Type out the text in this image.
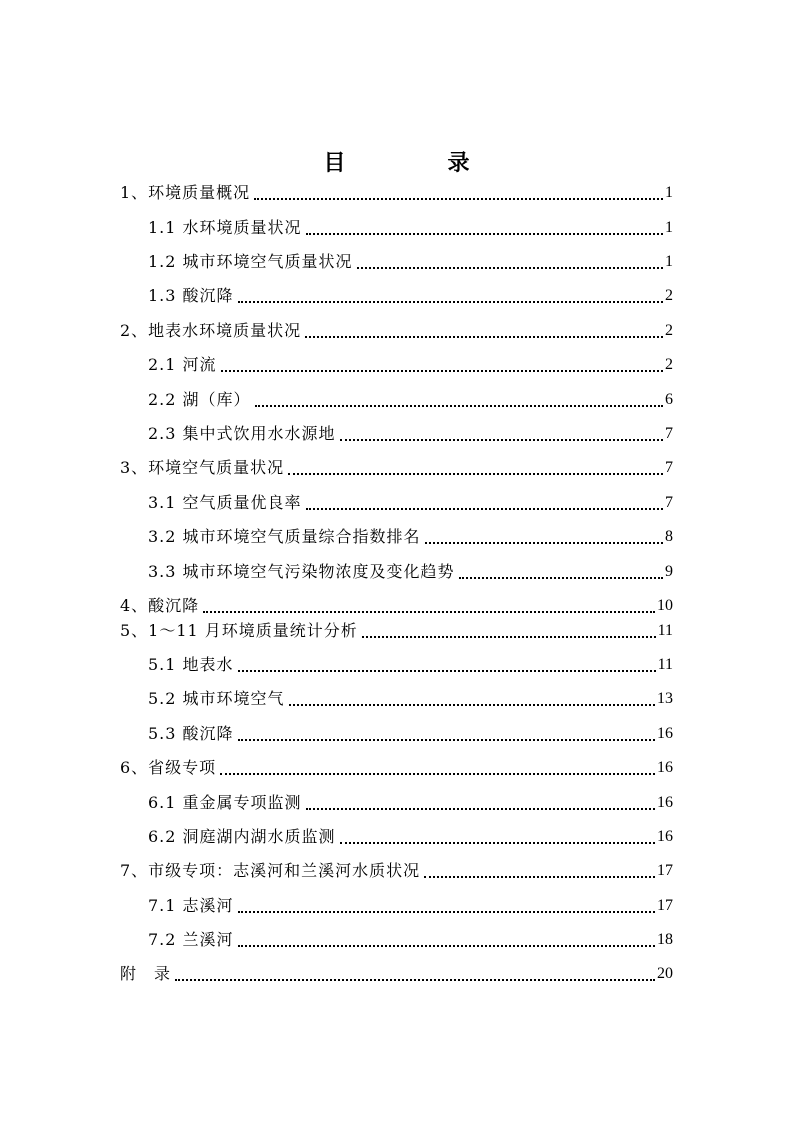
目　录
1、环境质量概况	1
1.1 水环境质量状况	1
1.2 城市环境空气质量状况	1
1.3 酸沉降	2
2、地表水环境质量状况	2
2.1 河流	2
2.2 湖（库）	6
2.3 集中式饮用水水源地	7
3、环境空气质量状况	7
3.1 空气质量优良率	7
3.2 城市环境空气质量综合指数排名	8
3.3 城市环境空气污染物浓度及变化趋势	9
4、酸沉降	10
5、1～11 月环境质量统计分析	11
5.1 地表水	11
5.2 城市环境空气	13
5.3 酸沉降	16
6、省级专项	16
6.1 重金属专项监测	16
6.2 洞庭湖内湖水质监测	16
7、市级专项：志溪河和兰溪河水质状况	17
7.1 志溪河	17
7.2 兰溪河	18
附　录	20
